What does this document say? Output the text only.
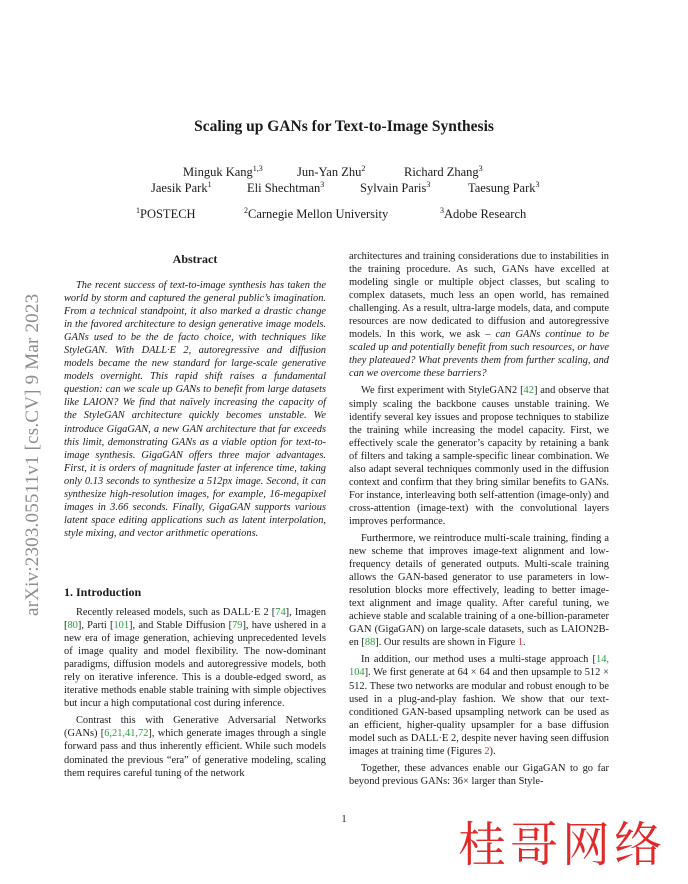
arXiv:2303.05511v1 [cs.CV] 9 Mar 2023
Scaling up GANs for Text-to-Image Synthesis
Minguk Kang$^{1,3}$	Jun-Yan Zhu$^2$	Richard Zhang$^3$
Jaesik Park$^1$	Eli Shechtman$^3$	Sylvain Paris$^3$	Taesung Park$^3$
$^1$POSTECH	$^2$Carnegie Mellon University	$^3$Adobe Research
Abstract

The recent success of text-to-image synthesis has taken the world by storm and captured the general public’s imagination. From a technical standpoint, it also marked a drastic change in the favored architecture to design generative image models. GANs used to be the de facto choice, with techniques like StyleGAN. With DALL·E 2, autoregressive and diffusion models became the new standard for large-scale generative models overnight. This rapid shift raises a fundamental question: can we scale up GANs to benefit from large datasets like LAION? We find that naïvely increasing the capacity of the StyleGAN architecture quickly becomes unstable. We introduce GigaGAN, a new GAN architecture that far exceeds this limit, demonstrating GANs as a viable option for text-to-image synthesis. GigaGAN offers three major advantages. First, it is orders of magnitude faster at inference time, taking only 0.13 seconds to synthesize a 512px image. Second, it can synthesize high-resolution images, for example, 16-megapixel images in 3.66 seconds. Finally, GigaGAN supports various latent space editing applications such as latent interpolation, style mixing, and vector arithmetic operations.

1. Introduction

Recently released models, such as DALL·E 2 [74], Imagen [80], Parti [101], and Stable Diffusion [79], have ushered in a new era of image generation, achieving unprecedented levels of image quality and model flexibility. The now-dominant paradigms, diffusion models and autoregressive models, both rely on iterative inference. This is a double-edged sword, as iterative methods enable stable training with simple objectives but incur a high computational cost during inference.

Contrast this with Generative Adversarial Networks (GANs) [6,21,41,72], which generate images through a single forward pass and thus inherently efficient. While such models dominated the previous “era” of generative modeling, scaling them requires careful tuning of the network

architectures and training considerations due to instabilities in the training procedure. As such, GANs have excelled at modeling single or multiple object classes, but scaling to complex datasets, much less an open world, has remained challenging. As a result, ultra-large models, data, and compute resources are now dedicated to diffusion and autoregressive models. In this work, we ask – can GANs continue to be scaled up and potentially benefit from such resources, or have they plateaued? What prevents them from further scaling, and can we overcome these barriers?

We first experiment with StyleGAN2 [42] and observe that simply scaling the backbone causes unstable training. We identify several key issues and propose techniques to stabilize the training while increasing the model capacity. First, we effectively scale the generator’s capacity by retaining a bank of filters and taking a sample-specific linear combination. We also adapt several techniques commonly used in the diffusion context and confirm that they bring similar benefits to GANs. For instance, interleaving both self-attention (image-only) and cross-attention (image-text) with the convolutional layers improves performance.

Furthermore, we reintroduce multi-scale training, finding a new scheme that improves image-text alignment and low-frequency details of generated outputs. Multi-scale training allows the GAN-based generator to use parameters in low-resolution blocks more effectively, leading to better image-text alignment and image quality. After careful tuning, we achieve stable and scalable training of a one-billion-parameter GAN (GigaGAN) on large-scale datasets, such as LAION2B-en [88]. Our results are shown in Figure 1.

In addition, our method uses a multi-stage approach [14, 104]. We first generate at 64 × 64 and then upsample to 512 × 512. These two networks are modular and robust enough to be used in a plug-and-play fashion. We show that our text-conditioned GAN-based upsampling network can be used as an efficient, higher-quality upsampler for a base diffusion model such as DALL·E 2, despite never having seen diffusion images at training time (Figures 2).

Together, these advances enable our GigaGAN to go far beyond previous GANs: 36× larger than Style-

1	桂哥网络
